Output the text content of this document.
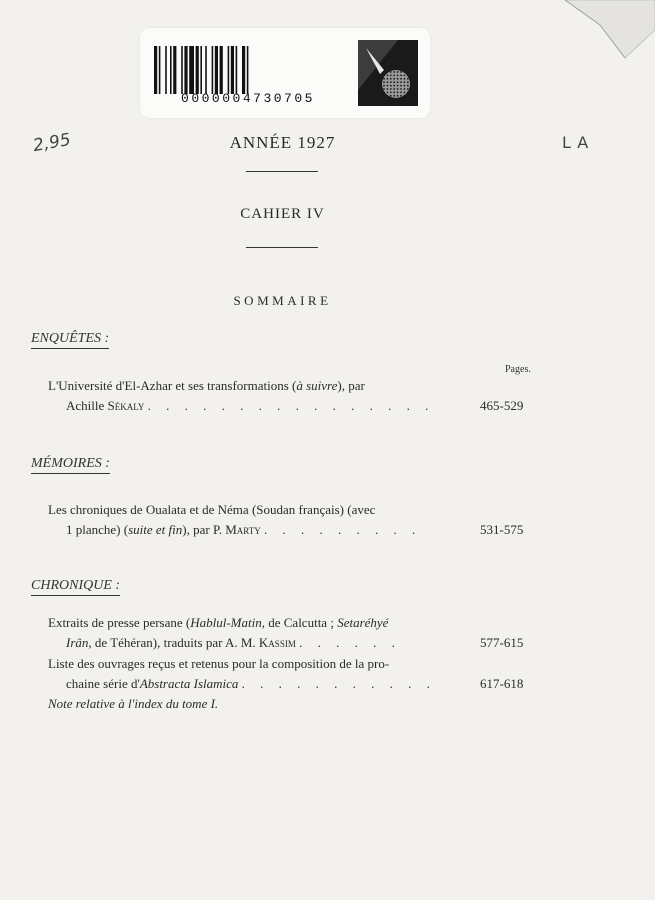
0000004730705
2,95	LA
ANNÉE 1927
CAHIER IV
SOMMAIRE
ENQUÊTES :
Pages.
L'Université d'El-Azhar et ses transformations (à suivre), par
Achille Sékaly . . . . . . . . . . . . . . . .	465-529
MÉMOIRES :
Les chroniques de Oualata et de Néma (Soudan français) (avec
1 planche) (suite et fin), par P. Marty . . . . . . . . .	531-575
CHRONIQUE :
Extraits de presse persane (Hablul-Matin, de Calcutta ; Setaréhyé
Irân, de Téhéran), traduits par A. M. Kassim . . . . . .	577-615
Liste des ouvrages reçus et retenus pour la composition de la pro-
chaine série d'Abstracta Islamica . . . . . . . . . . .	617-618
Note relative à l'index du tome I.
